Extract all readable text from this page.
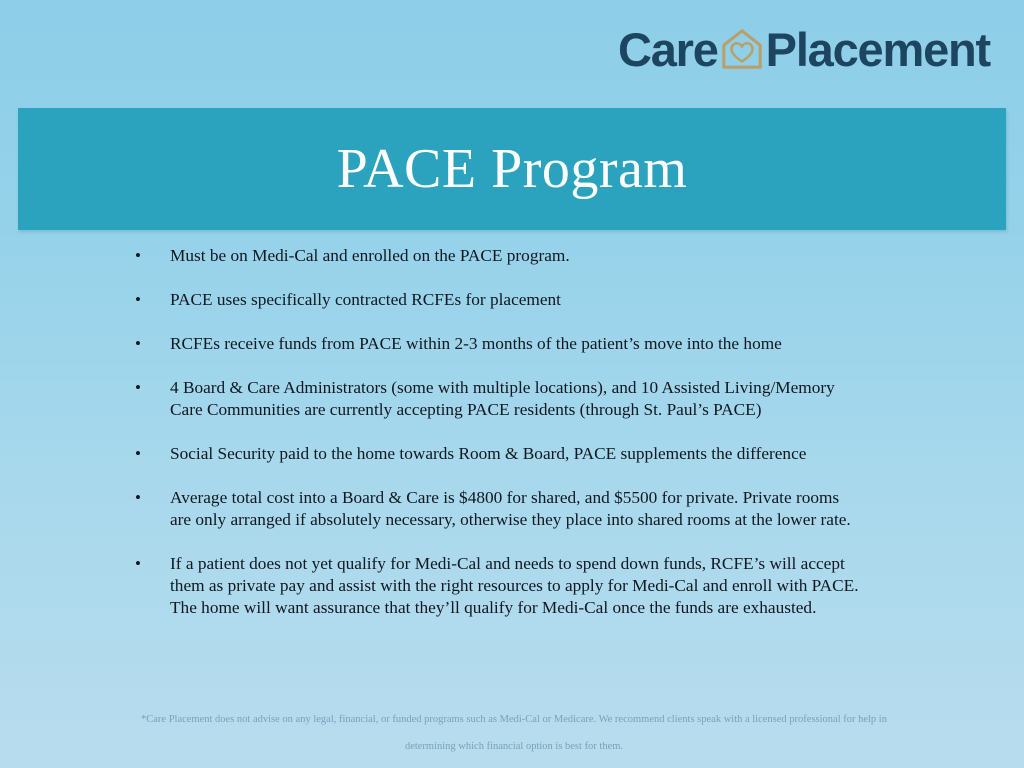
Care Placement
PACE Program
•	Must be on Medi-Cal and enrolled on the PACE program.
•	PACE uses specifically contracted RCFEs for placement
•	RCFEs receive funds from PACE within 2-3 months of the patient’s move into the home
•	4 Board & Care Administrators (some with multiple locations), and 10 Assisted Living/Memory
Care Communities are currently accepting PACE residents (through St. Paul’s PACE)
•	Social Security paid to the home towards Room & Board, PACE supplements the difference
•	Average total cost into a Board & Care is $4800 for shared, and $5500 for private. Private rooms
are only arranged if absolutely necessary, otherwise they place into shared rooms at the lower rate.
•	If a patient does not yet qualify for Medi-Cal and needs to spend down funds, RCFE’s will accept
them as private pay and assist with the right resources to apply for Medi-Cal and enroll with PACE.
The home will want assurance that they’ll qualify for Medi-Cal once the funds are exhausted.
*Care Placement does not advise on any legal, financial, or funded programs such as Medi-Cal or Medicare. We recommend clients speak with a licensed professional for help in
determining which financial option is best for them.
